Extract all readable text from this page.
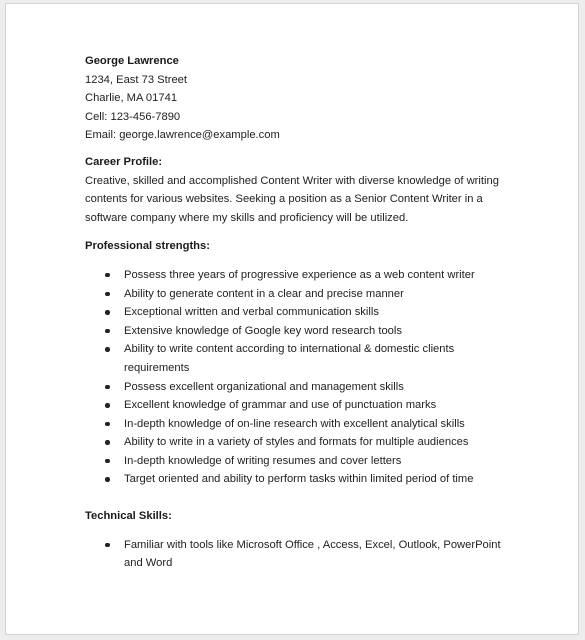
George Lawrence
1234, East 73 Street
Charlie, MA 01741
Cell: 123-456-7890
Email: george.lawrence@example.com
Career Profile:
Creative, skilled and accomplished Content Writer with diverse knowledge of writing
contents for various websites. Seeking a position as a Senior Content Writer in a
software company where my skills and proficiency will be utilized.
Professional strengths:
Possess three years of progressive experience as a web content writer
Ability to generate content in a clear and precise manner
Exceptional written and verbal communication skills
Extensive knowledge of Google key word research tools
Ability to write content according to international & domestic clients
requirements
Possess excellent organizational and management skills
Excellent knowledge of grammar and use of punctuation marks
In-depth knowledge of on-line research with excellent analytical skills
Ability to write in a variety of styles and formats for multiple audiences
In-depth knowledge of writing resumes and cover letters
Target oriented and ability to perform tasks within limited period of time
Technical Skills:
Familiar with tools like Microsoft Office , Access, Excel, Outlook, PowerPoint
and Word
